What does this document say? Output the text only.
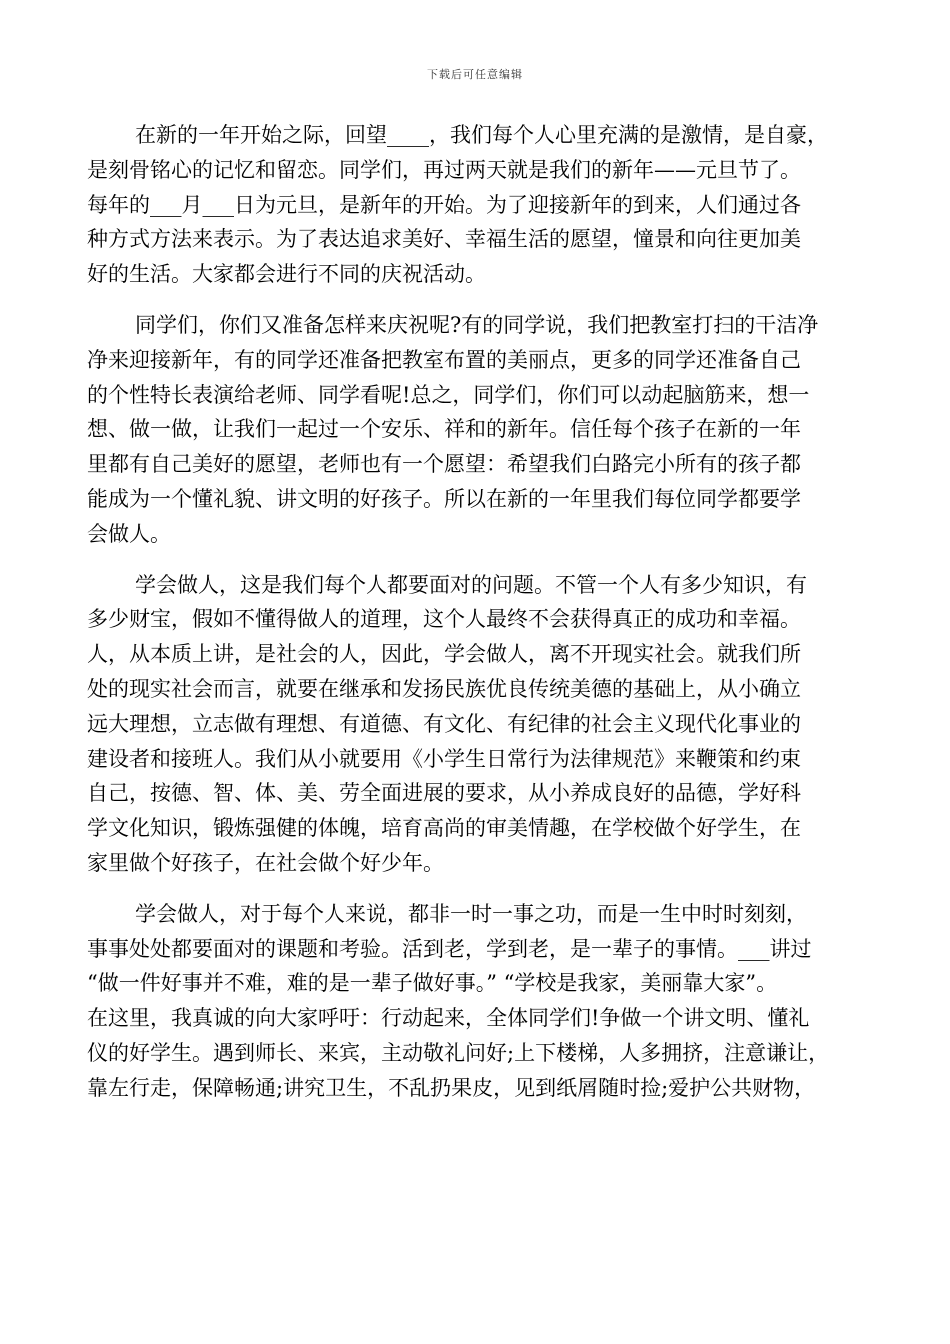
下载后可任意编辑
在新的一年开始之际，回望____，我们每个人心里充满的是激情，是自豪，
是刻骨铭心的记忆和留恋。同学们，再过两天就是我们的新年——元旦节了。
每年的___月___日为元旦，是新年的开始。为了迎接新年的到来，人们通过各
种方式方法来表示。为了表达追求美好、幸福生活的愿望，憧景和向往更加美
好的生活。大家都会进行不同的庆祝活动。
同学们，你们又准备怎样来庆祝呢?有的同学说，我们把教室打扫的干洁净
净来迎接新年，有的同学还准备把教室布置的美丽点，更多的同学还准备自己
的个性特长表演给老师、同学看呢!总之，同学们，你们可以动起脑筋来，想一
想、做一做，让我们一起过一个安乐、祥和的新年。信任每个孩子在新的一年
里都有自己美好的愿望，老师也有一个愿望：希望我们白路完小所有的孩子都
能成为一个懂礼貌、讲文明的好孩子。所以在新的一年里我们每位同学都要学
会做人。
学会做人，这是我们每个人都要面对的问题。不管一个人有多少知识，有
多少财宝，假如不懂得做人的道理，这个人最终不会获得真正的成功和幸福。
人，从本质上讲，是社会的人，因此，学会做人，离不开现实社会。就我们所
处的现实社会而言，就要在继承和发扬民族优良传统美德的基础上，从小确立
远大理想，立志做有理想、有道德、有文化、有纪律的社会主义现代化事业的
建设者和接班人。我们从小就要用《小学生日常行为法律规范》来鞭策和约束
自己，按德、智、体、美、劳全面进展的要求，从小养成良好的品德，学好科
学文化知识，锻炼强健的体魄，培育高尚的审美情趣，在学校做个好学生，在
家里做个好孩子，在社会做个好少年。
学会做人，对于每个人来说，都非一时一事之功，而是一生中时时刻刻，
事事处处都要面对的课题和考验。活到老，学到老，是一辈子的事情。___讲过
“做一件好事并不难，难的是一辈子做好事。” “学校是我家，美丽靠大家”。
在这里，我真诚的向大家呼吁：行动起来，全体同学们!争做一个讲文明、懂礼
仪的好学生。遇到师长、来宾，主动敬礼问好;上下楼梯，人多拥挤，注意谦让，
靠左行走，保障畅通;讲究卫生，不乱扔果皮，见到纸屑随时捡;爱护公共财物，
